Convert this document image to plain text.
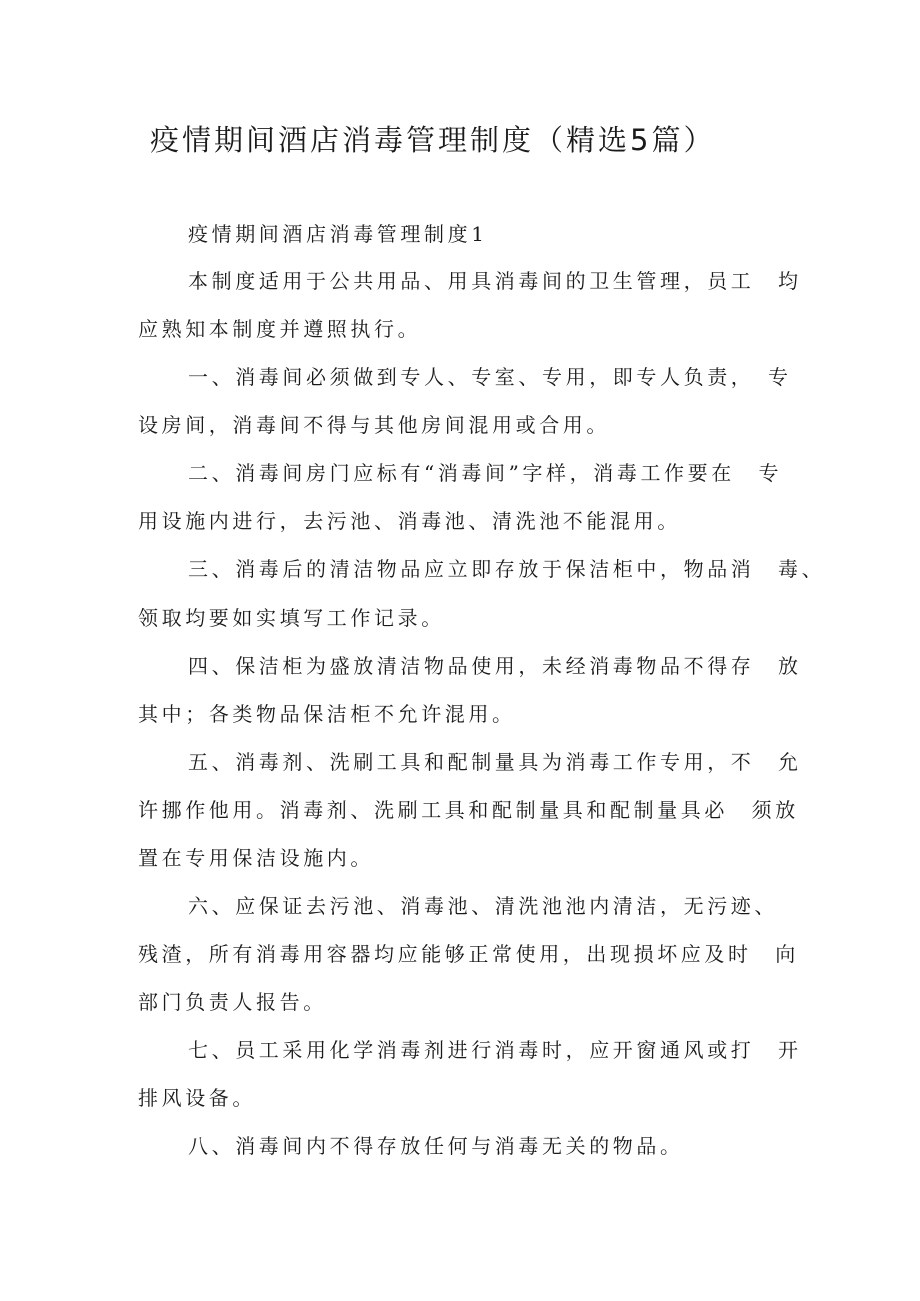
疫情期间酒店消毒管理制度（精选5篇）
疫情期间酒店消毒管理制度1
本制度适用于公共用品、用具消毒间的卫生管理，员工　均
应熟知本制度并遵照执行。
一、消毒间必须做到专人、专室、专用，即专人负责，　专
设房间，消毒间不得与其他房间混用或合用。
二、消毒间房门应标有“消毒间”字样，消毒工作要在　专
用设施内进行，去污池、消毒池、清洗池不能混用。
三、消毒后的清洁物品应立即存放于保洁柜中，物品消　毒、
领取均要如实填写工作记录。
四、保洁柜为盛放清洁物品使用，未经消毒物品不得存　放
其中；各类物品保洁柜不允许混用。
五、消毒剂、洗刷工具和配制量具为消毒工作专用，不　允
许挪作他用。消毒剂、洗刷工具和配制量具和配制量具必　须放
置在专用保洁设施内。
六、应保证去污池、消毒池、清洗池池内清洁，无污迹、
残渣，所有消毒用容器均应能够正常使用，出现损坏应及时　向
部门负责人报告。
七、员工采用化学消毒剂进行消毒时，应开窗通风或打　开
排风设备。
八、消毒间内不得存放任何与消毒无关的物品。
